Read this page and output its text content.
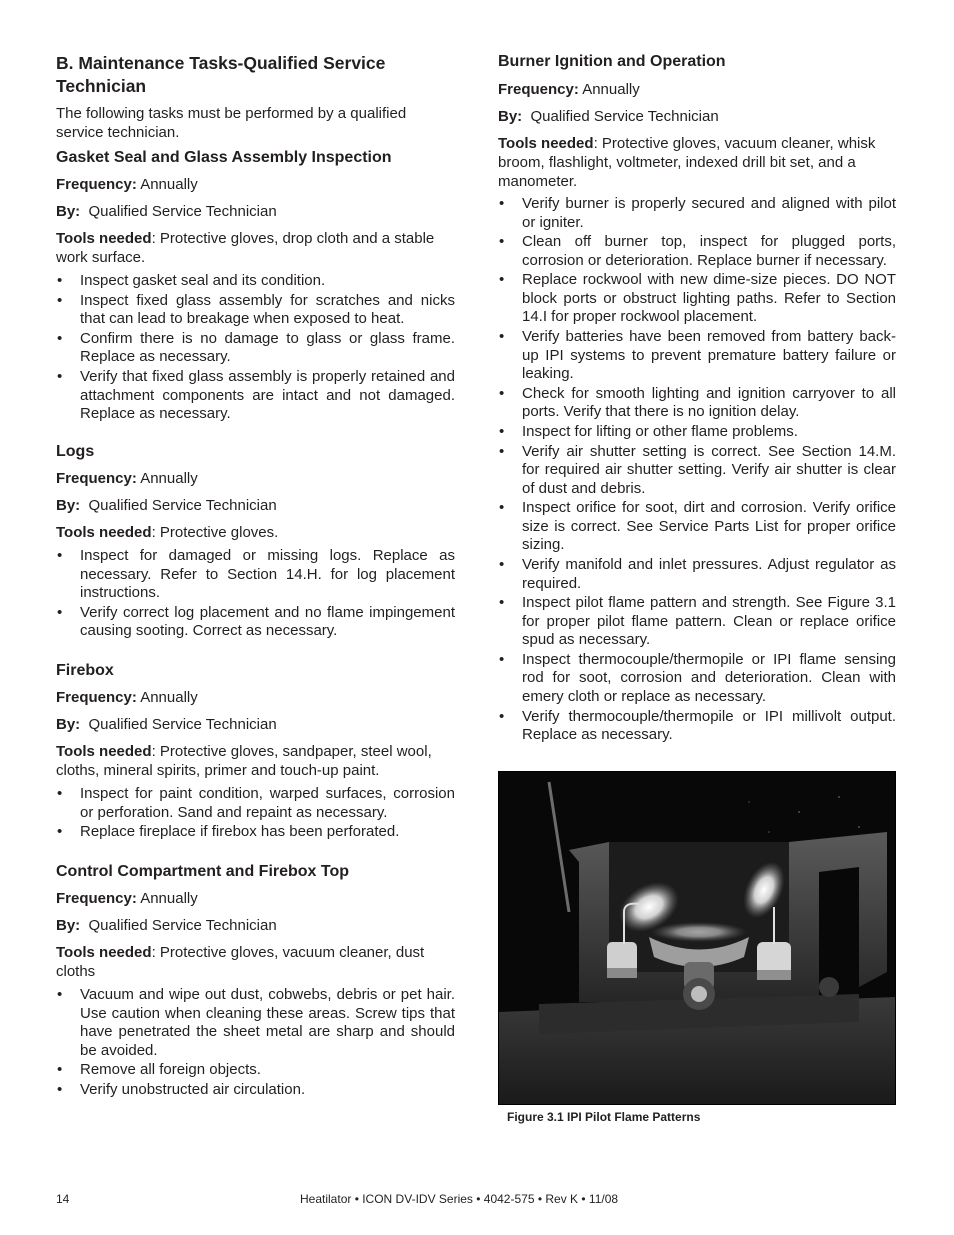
B. Maintenance Tasks-Qualified Service Technician

The following tasks must be performed by a qualified service technician.

Gasket Seal and Glass Assembly Inspection

Frequency: Annually

By: Qualified Service Technician

Tools needed: Protective gloves, drop cloth and a stable work surface.

• Inspect gasket seal and its condition.
• Inspect fixed glass assembly for scratches and nicks that can lead to breakage when exposed to heat.
• Confirm there is no damage to glass or glass frame. Replace as necessary.
• Verify that fixed glass assembly is properly retained and attachment components are intact and not damaged. Replace as necessary.
Logs

Frequency: Annually

By: Qualified Service Technician

Tools needed: Protective gloves.

• Inspect for damaged or missing logs. Replace as necessary. Refer to Section 14.H. for log placement instructions.
• Verify correct log placement and no flame impingement causing sooting. Correct as necessary.
Firebox

Frequency: Annually

By: Qualified Service Technician

Tools needed: Protective gloves, sandpaper, steel wool, cloths, mineral spirits, primer and touch-up paint.

• Inspect for paint condition, warped surfaces, corrosion or perforation. Sand and repaint as necessary.
• Replace fireplace if firebox has been perforated.
Control Compartment and Firebox Top

Frequency: Annually

By: Qualified Service Technician

Tools needed: Protective gloves, vacuum cleaner, dust cloths

• Vacuum and wipe out dust, cobwebs, debris or pet hair. Use caution when cleaning these areas. Screw tips that have penetrated the sheet metal are sharp and should be avoided.
• Remove all foreign objects.
• Verify unobstructed air circulation.
Burner Ignition and Operation

Frequency: Annually

By: Qualified Service Technician

Tools needed: Protective gloves, vacuum cleaner, whisk broom, flashlight, voltmeter, indexed drill bit set, and a manometer.

• Verify burner is properly secured and aligned with pilot or igniter.
• Clean off burner top, inspect for plugged ports, corrosion or deterioration. Replace burner if necessary.
• Replace rockwool with new dime-size pieces. DO NOT block ports or obstruct lighting paths. Refer to Section 14.I for proper rockwool placement.
• Verify batteries have been removed from battery back-up IPI systems to prevent premature battery failure or leaking.
• Check for smooth lighting and ignition carryover to all ports. Verify that there is no ignition delay.
• Inspect for lifting or other flame problems.
• Verify air shutter setting is correct. See Section 14.M. for required air shutter setting. Verify air shutter is clear of dust and debris.
• Inspect orifice for soot, dirt and corrosion. Verify orifice size is correct. See Service Parts List for proper orifice sizing.
• Verify manifold and inlet pressures. Adjust regulator as required.
• Inspect pilot flame pattern and strength. See Figure 3.1 for proper pilot flame pattern. Clean or replace orifice spud as necessary.
• Inspect thermocouple/thermopile or IPI flame sensing rod for soot, corrosion and deterioration. Clean with emery cloth or replace as necessary.
• Verify thermocouple/thermopile or IPI millivolt output. Replace as necessary.
Figure 3.1 IPI Pilot Flame Patterns
14	Heatilator • ICON DV-IDV Series • 4042-575 • Rev K • 11/08
